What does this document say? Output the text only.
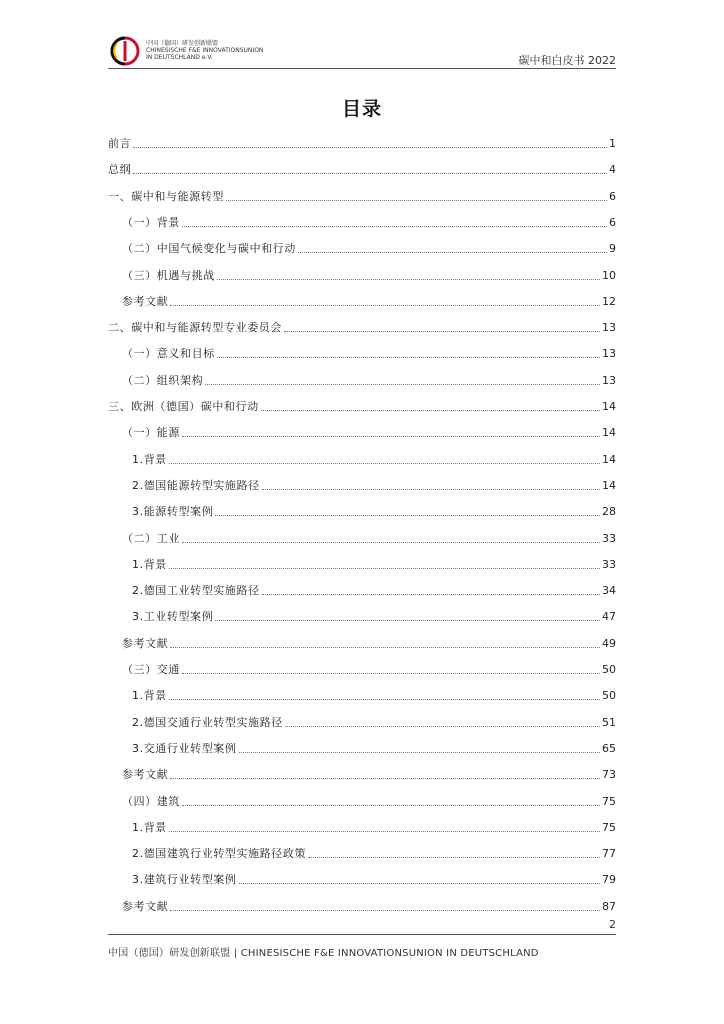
中国（德国）研发创新联盟
CHINESISCHE F&E INNOVATIONSUNION
IN DEUTSCHLAND e.V.	碳中和白皮书 2022
目录
前言	1
总纲	4
一、碳中和与能源转型	6
（一）背景	6
（二）中国气候变化与碳中和行动	9
（三）机遇与挑战	10
参考文献	12
二、碳中和与能源转型专业委员会	13
（一）意义和目标	13
（二）组织架构	13
三、欧洲（德国）碳中和行动	14
（一）能源	14
1.背景	14
2.德国能源转型实施路径	14
3.能源转型案例	28
（二）工业	33
1.背景	33
2.德国工业转型实施路径	34
3.工业转型案例	47
参考文献	49
（三）交通	50
1.背景	50
2.德国交通行业转型实施路径	51
3.交通行业转型案例	65
参考文献	73
（四）建筑	75
1.背景	75
2.德国建筑行业转型实施路径政策	77
3.建筑行业转型案例	79
参考文献	87
2
中国（德国）研发创新联盟 | CHINESISCHE F&E INNOVATIONSUNION IN DEUTSCHLAND
